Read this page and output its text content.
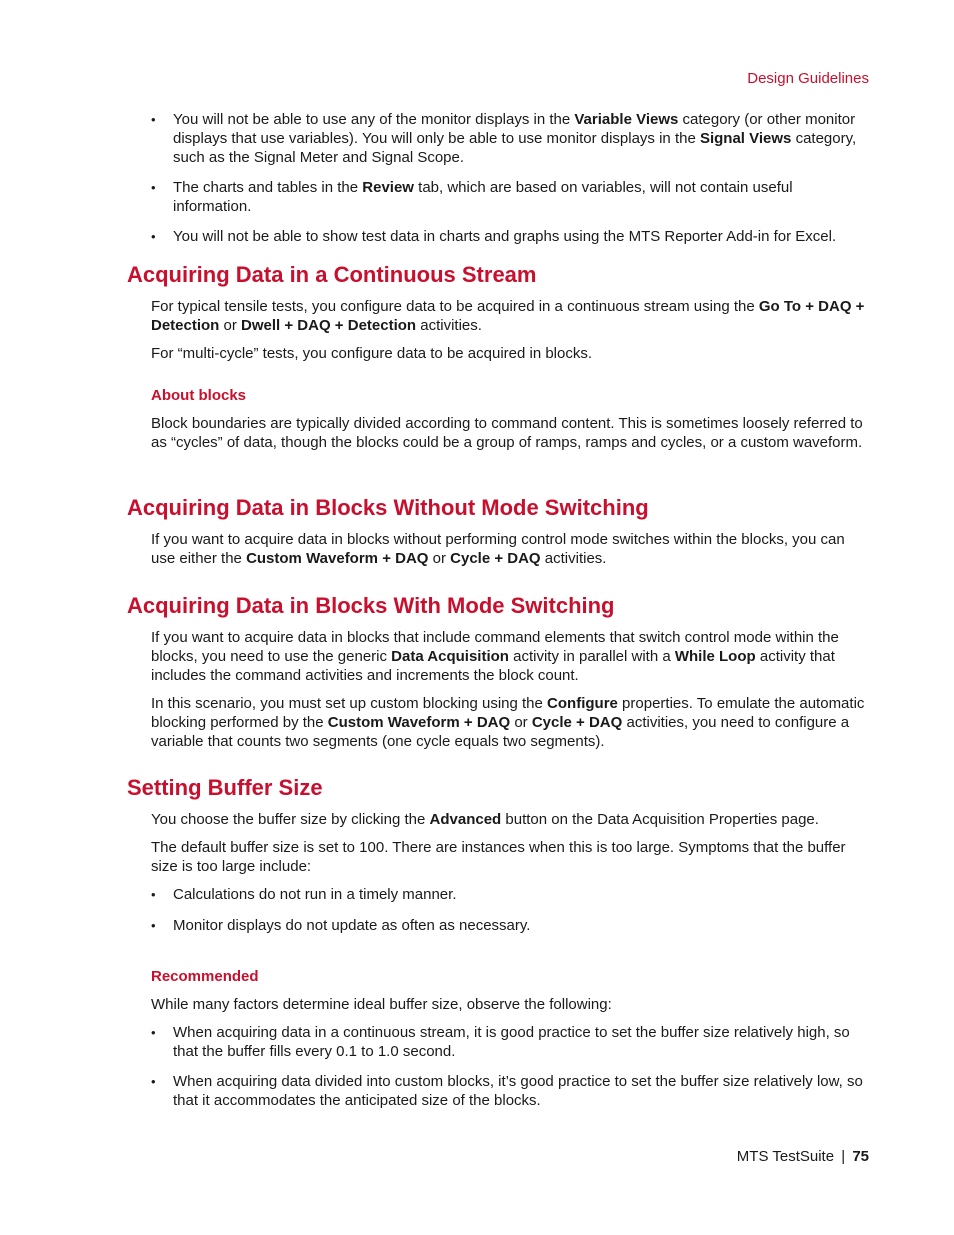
Design Guidelines
• You will not be able to use any of the monitor displays in the Variable Views category (or other monitor displays that use variables). You will only be able to use monitor displays in the Signal Views category, such as the Signal Meter and Signal Scope.
• The charts and tables in the Review tab, which are based on variables, will not contain useful information.
• You will not be able to show test data in charts and graphs using the MTS Reporter Add-in for Excel.
Acquiring Data in a Continuous Stream

For typical tensile tests, you configure data to be acquired in a continuous stream using the Go To + DAQ + Detection or Dwell + DAQ + Detection activities.

For “multi-cycle” tests, you configure data to be acquired in blocks.

About blocks

Block boundaries are typically divided according to command content. This is sometimes loosely referred to as “cycles” of data, though the blocks could be a group of ramps, ramps and cycles, or a custom waveform.

Acquiring Data in Blocks Without Mode Switching

If you want to acquire data in blocks without performing control mode switches within the blocks, you can use either the Custom Waveform + DAQ or Cycle + DAQ activities.

Acquiring Data in Blocks With Mode Switching

If you want to acquire data in blocks that include command elements that switch control mode within the blocks, you need to use the generic Data Acquisition activity in parallel with a While Loop activity that includes the command activities and increments the block count.

In this scenario, you must set up custom blocking using the Configure properties. To emulate the automatic blocking performed by the Custom Waveform + DAQ or Cycle + DAQ activities, you need to configure a variable that counts two segments (one cycle equals two segments).

Setting Buffer Size

You choose the buffer size by clicking the Advanced button on the Data Acquisition Properties page.

The default buffer size is set to 100. There are instances when this is too large. Symptoms that the buffer size is too large include:

• Calculations do not run in a timely manner.
• Monitor displays do not update as often as necessary.
Recommended

While many factors determine ideal buffer size, observe the following:

• When acquiring data in a continuous stream, it is good practice to set the buffer size relatively high, so that the buffer fills every 0.1 to 1.0 second.
• When acquiring data divided into custom blocks, it’s good practice to set the buffer size relatively low, so that it accommodates the anticipated size of the blocks.
MTS TestSuite | 75
